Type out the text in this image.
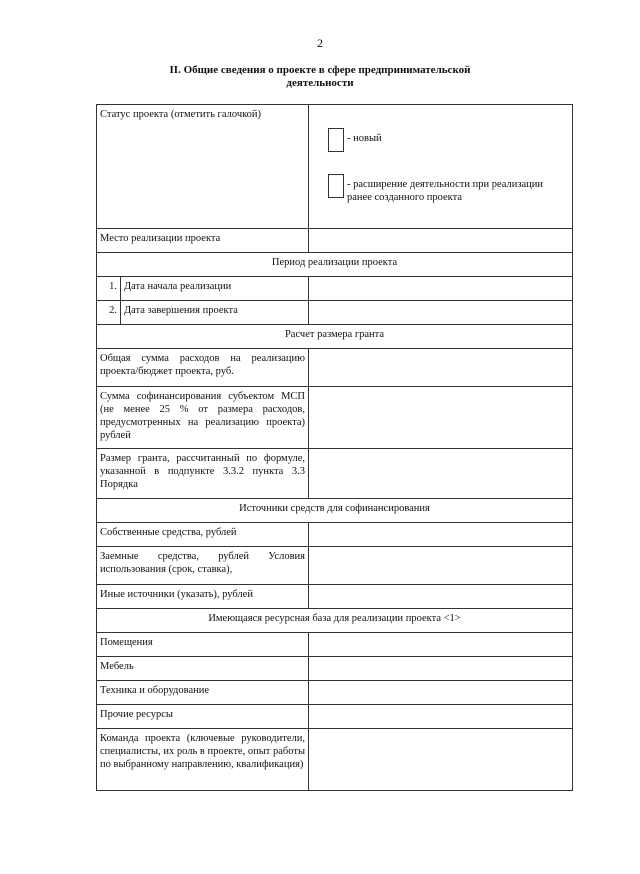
2
II. Общие сведения о проекте в сфере предпринимательской
деятельности
Статус проекта (отметить галочкой)		- новый
- расширение деятельности при реализации
ранее созданного проекта

Место реализации проекта		
Период реализации проекта		
1.	Дата начала реализации	
2.	Дата завершения проекта	
Расчет размера гранта		
Общая сумма расходов на реализацию проекта/бюджет проекта, руб.		
Сумма софинансирования субъектом МСП (не менее 25 % от размера расходов, предусмотренных на реализацию проекта) рублей		
Размер гранта, рассчитанный по формуле, указанной в подпункте 3.3.2 пункта 3.3 Порядка		
Источники средств для софинансирования		
Собственные средства, рублей		
Заемные средства, рублей Условия использования (срок, ставка),		
Иные источники (указать), рублей		
Имеющаяся ресурсная база для реализации проекта <1>		
Помещения		
Мебель		
Техника и оборудование		
Прочие ресурсы		
Команда проекта (ключевые руководители, специалисты, их роль в проекте, опыт работы по выбранному направлению, квалификация)		
